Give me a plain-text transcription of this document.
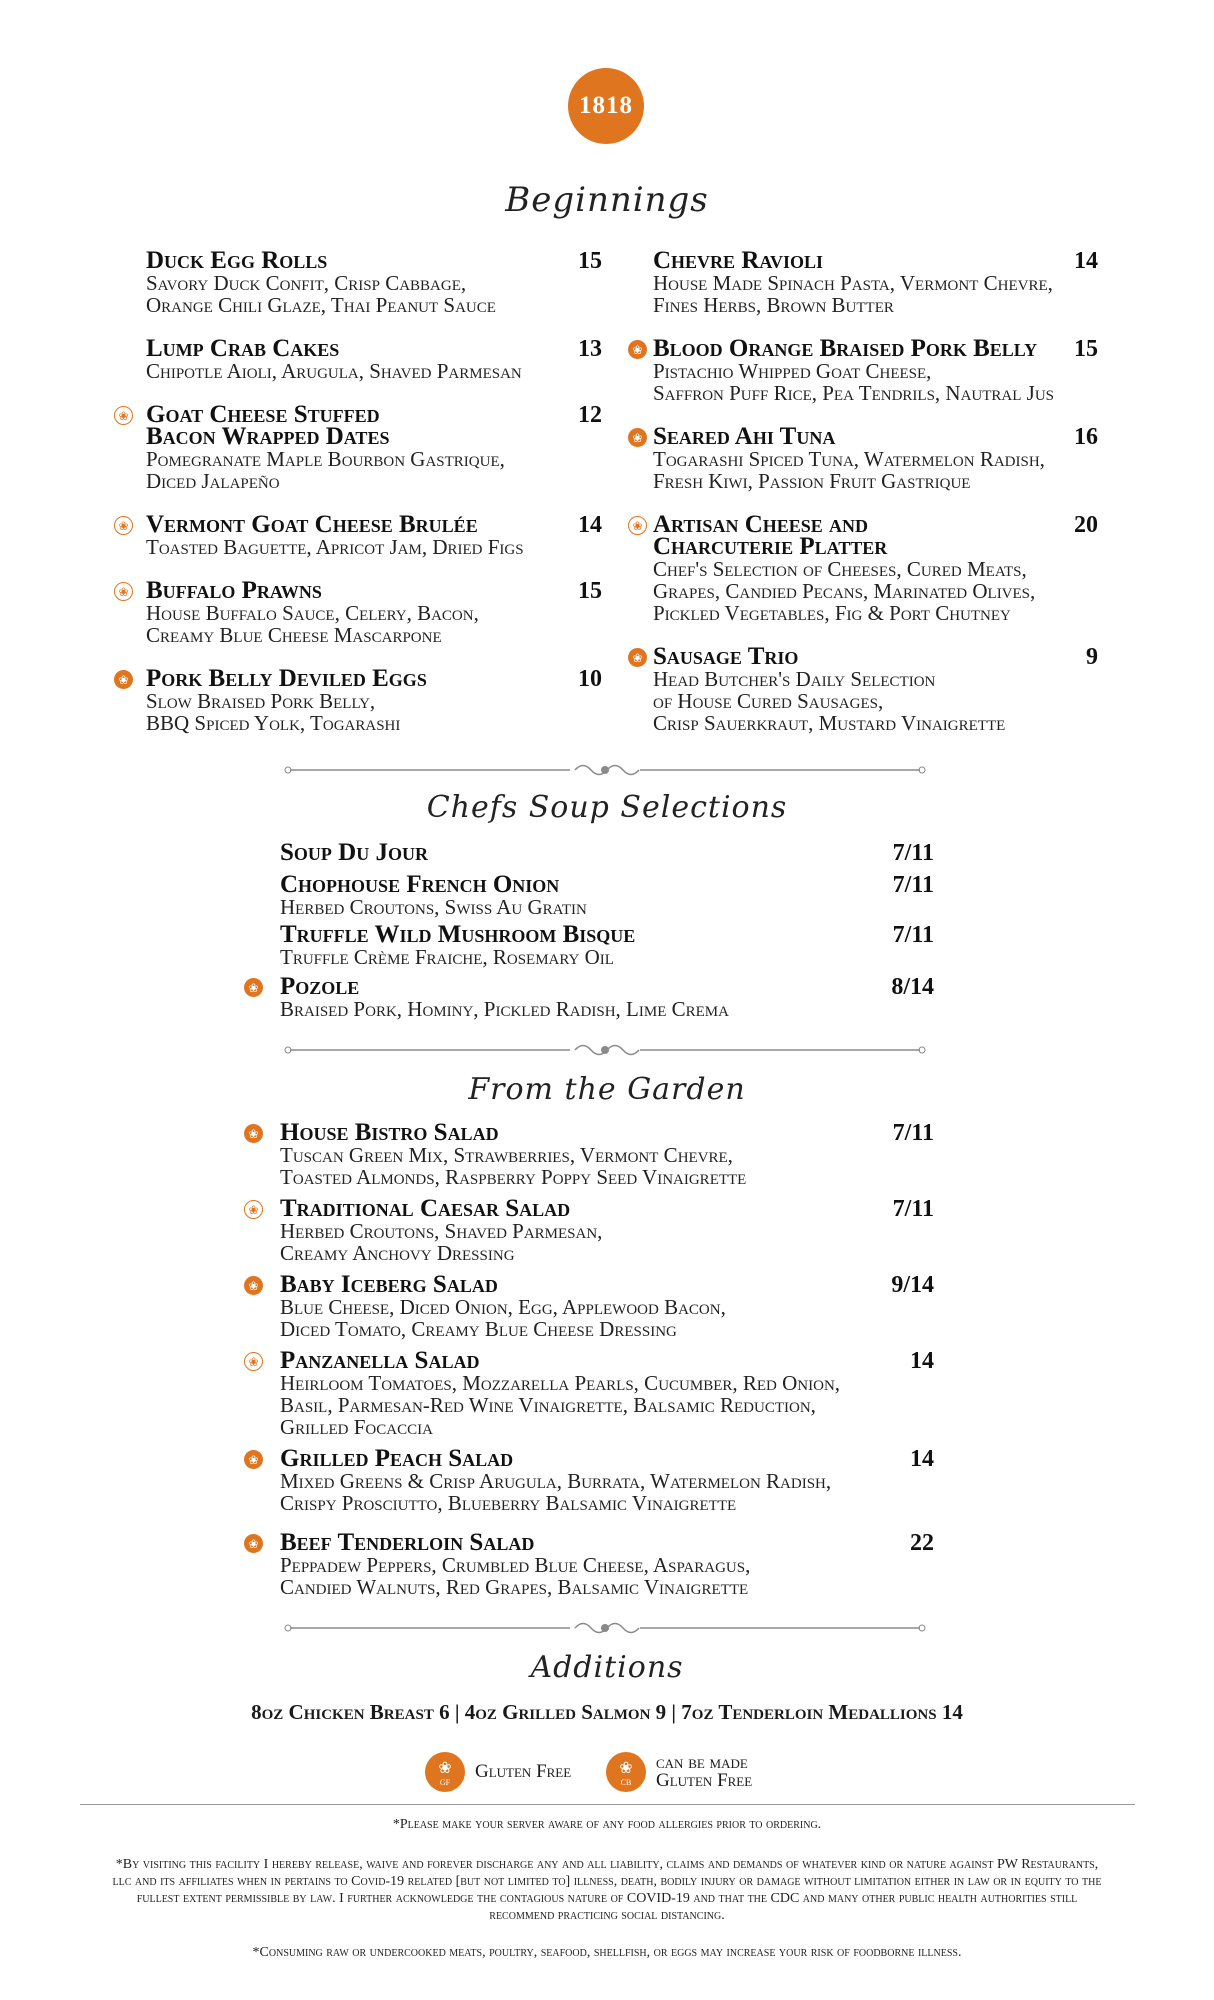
1818
Beginnings
Duck Egg Rolls
Savory Duck Confit, Crisp Cabbage,
Orange Chili Glaze, Thai Peanut Sauce
15
Lump Crab Cakes
Chipotle Aioli, Arugula, Shaved Parmesan
13
❀ Goat Cheese Stuffed
Bacon Wrapped Dates
Pomegranate Maple Bourbon Gastrique,
Diced Jalapeño
12
❀ Vermont Goat Cheese Brulée
Toasted Baguette, Apricot Jam, Dried Figs
14
❀ Buffalo Prawns
House Buffalo Sauce, Celery, Bacon,
Creamy Blue Cheese Mascarpone
15
❀ Pork Belly Deviled Eggs
Slow Braised Pork Belly,
BBQ Spiced Yolk, Togarashi
10
Chevre Ravioli
House Made Spinach Pasta, Vermont Chevre,
Fines Herbs, Brown Butter
14
❀ Blood Orange Braised Pork Belly
Pistachio Whipped Goat Cheese,
Saffron Puff Rice, Pea Tendrils, Nautral Jus
15
❀ Seared Ahi Tuna
Togarashi Spiced Tuna, Watermelon Radish,
Fresh Kiwi, Passion Fruit Gastrique
16
❀ Artisan Cheese and
Charcuterie Platter
Chef's Selection of Cheeses, Cured Meats,
Grapes, Candied Pecans, Marinated Olives,
Pickled Vegetables, Fig & Port Chutney
20
❀ Sausage Trio
Head Butcher's Daily Selection
of House Cured Sausages,
Crisp Sauerkraut, Mustard Vinaigrette
9
Chefs Soup Selections
Soup Du Jour	7/11
Chophouse French Onion
Herbed Croutons, Swiss Au Gratin
7/11
Truffle Wild Mushroom Bisque
Truffle Crème Fraiche, Rosemary Oil
7/11
❀ Pozole
Braised Pork, Hominy, Pickled Radish, Lime Crema
8/14
From the Garden
❀ House Bistro Salad
Tuscan Green Mix, Strawberries, Vermont Chevre,
Toasted Almonds, Raspberry Poppy Seed Vinaigrette
7/11
❀ Traditional Caesar Salad
Herbed Croutons, Shaved Parmesan,
Creamy Anchovy Dressing
7/11
❀ Baby Iceberg Salad
Blue Cheese, Diced Onion, Egg, Applewood Bacon,
Diced Tomato, Creamy Blue Cheese Dressing
9/14
❀ Panzanella Salad
Heirloom Tomatoes, Mozzarella Pearls, Cucumber, Red Onion,
Basil, Parmesan-Red Wine Vinaigrette, Balsamic Reduction,
Grilled Focaccia
14
❀ Grilled Peach Salad
Mixed Greens & Crisp Arugula, Burrata, Watermelon Radish,
Crispy Prosciutto, Blueberry Balsamic Vinaigrette
14
❀ Beef Tenderloin Salad
Peppadew Peppers, Crumbled Blue Cheese, Asparagus,
Candied Walnuts, Red Grapes, Balsamic Vinaigrette
22
Additions
8oz Chicken Breast 6 | 4oz Grilled Salmon 9 | 7oz Tenderloin Medallions 14
❀
GF Gluten Free	❀
CB
can be made
Gluten Free
*Please make your server aware of any food allergies prior to ordering.
*By visiting this facility I hereby release, waive and forever discharge any and all liability, claims and demands of whatever kind or nature against PW Restaurants, llc and its affiliates when in pertains to Covid-19 related [but not limited to] illness, death, bodily injury or damage without limitation either in law or in equity to the fullest extent permissible by law. I further acknowledge the contagious nature of COVID-19 and that the CDC and many other public health authorities still recommend practicing social distancing.
*Consuming raw or undercooked meats, poultry, seafood, shellfish, or eggs may increase your risk of foodborne illness.
